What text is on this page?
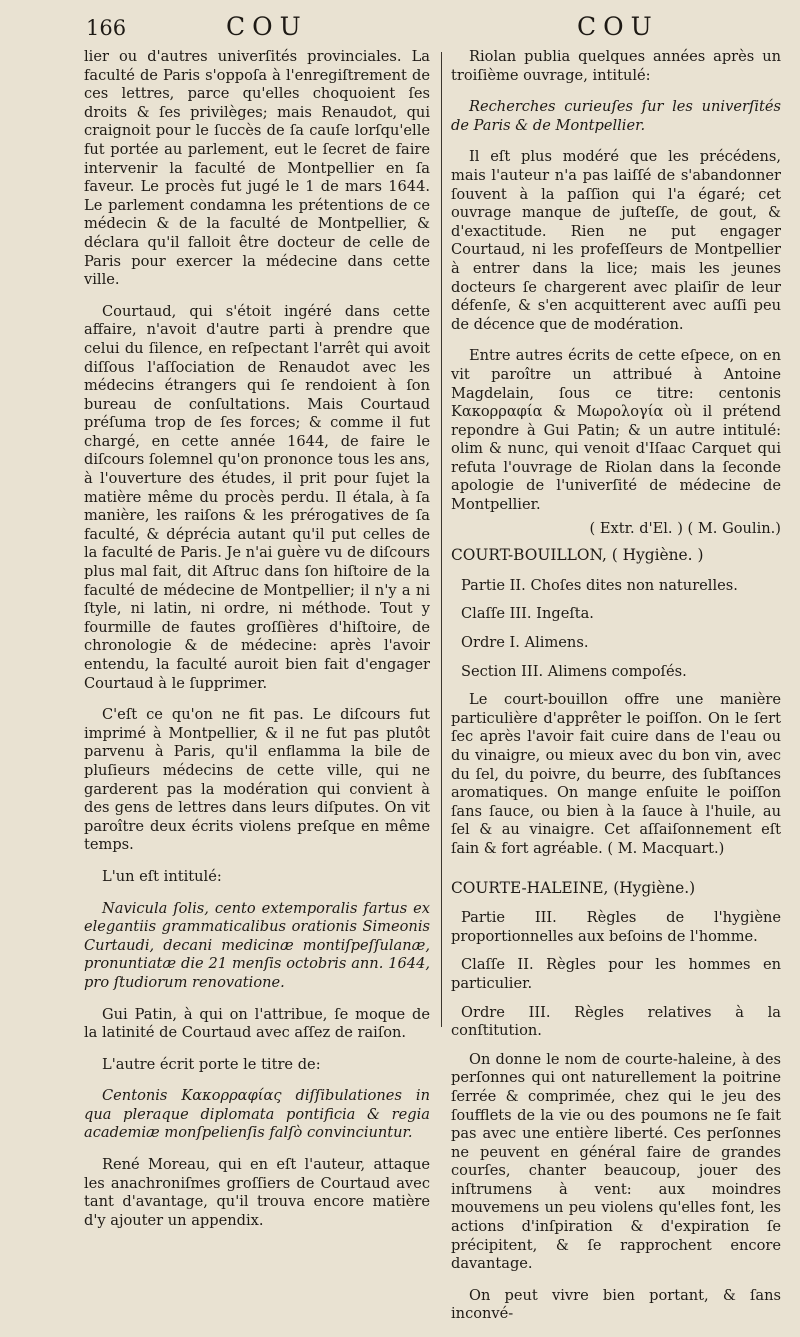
166	COU	COU

lier ou d'autres univerſités provinciales. La faculté de Paris s'oppoſa à l'enregiſtrement de ces lettres, parce qu'elles choquoient ſes droits & ſes privilèges; mais Renaudot, qui craignoit pour le ſuccès de ſa cauſe lorſqu'elle fut portée au parlement, eut le ſecret de faire intervenir la faculté de Montpellier en ſa faveur. Le procès fut jugé le 1 de mars 1644. Le parlement condamna les prétentions de ce médecin & de la faculté de Montpellier, & déclara qu'il falloit être docteur de celle de Paris pour exercer la médecine dans cette ville.

Courtaud, qui s'étoit ingéré dans cette affaire, n'avoit d'autre parti à prendre que celui du ſilence, en reſpectant l'arrêt qui avoit diſſous l'aſſociation de Renaudot avec les médecins étrangers qui ſe rendoient à ſon bureau de conſultations. Mais Courtaud préſuma trop de ſes forces; & comme il fut chargé, en cette année 1644, de faire le diſcours ſolemnel qu'on prononce tous les ans, à l'ouverture des études, il prit pour ſujet la matière même du procès perdu. Il étala, à ſa manière, les raiſons & les prérogatives de ſa faculté, & déprécia autant qu'il put celles de la faculté de Paris. Je n'ai guère vu de diſcours plus mal fait, dit Aſtruc dans ſon hiſtoire de la faculté de médecine de Montpellier; il n'y a ni ſtyle, ni latin, ni ordre, ni méthode. Tout y fourmille de fautes groſſières d'hiſtoire, de chronologie & de médecine: après l'avoir entendu, la faculté auroit bien fait d'engager Courtaud à le ſupprimer.

C'eſt ce qu'on ne fit pas. Le diſcours fut imprimé à Montpellier, & il ne fut pas plutôt parvenu à Paris, qu'il enflamma la bile de pluſieurs médecins de cette ville, qui ne garderent pas la modération qui convient à des gens de lettres dans leurs diſputes. On vit paroître deux écrits violens preſque en même temps.

L'un eſt intitulé:

Navicula ſolis, cento extemporalis fartus ex elegantiis grammaticalibus orationis Simeonis Curtaudi, decani medicinæ montiſpeſſulanæ, pronuntiatæ die 21 menſis octobris ann. 1644, pro ſtudiorum renovatione.

Gui Patin, à qui on l'attribue, ſe moque de la latinité de Courtaud avec aſſez de raiſon.

L'autre écrit porte le titre de:

Centonis Κακορραφίας diſſibulationes in qua pleraque diplomata pontificia & regia academiæ monſpelienſis falſò convinciuntur.

René Moreau, qui en eſt l'auteur, attaque les anachroniſmes groſſiers de Courtaud avec tant d'avantage, qu'il trouva encore matière d'y ajouter un appendix.

Riolan publia quelques années après un troiſième ouvrage, intitulé:

Recherches curieuſes ſur les univerſités de Paris & de Montpellier.

Il eſt plus modéré que les précédens, mais l'auteur n'a pas laiſſé de s'abandonner ſouvent à la paſſion qui l'a égaré; cet ouvrage manque de juſteſſe, de gout, & d'exactitude. Rien ne put engager Courtaud, ni les profeſſeurs de Montpellier à entrer dans la lice; mais les jeunes docteurs ſe chargerent avec plaiſir de leur défenſe, & s'en acquitterent avec auſſi peu de décence que de modération.

Entre autres écrits de cette eſpece, on en vit paroître un attribué à Antoine Magdelain, ſous ce titre: centonis Κακορραφία & Μωρολογία où il prétend repondre à Gui Patin; & un autre intitulé: olim & nunc, qui venoit d'Iſaac Carquet qui refuta l'ouvrage de Riolan dans la ſeconde apologie de l'univerſité de médecine de Montpellier.

( Extr. d'El. ) ( M. Goulin.)

COURT-BOUILLON, ( Hygiène. )

Partie II. Choſes dites non naturelles.

Claſſe III. Ingeſta.

Ordre I. Alimens.

Section III. Alimens compoſés.

Le court-bouillon offre une manière particulière d'apprêter le poiſſon. On le ſert ſec après l'avoir fait cuire dans de l'eau ou du vinaigre, ou mieux avec du bon vin, avec du ſel, du poivre, du beurre, des ſubſtances aromatiques. On mange enſuite le poiſſon ſans ſauce, ou bien à la ſauce à l'huile, au ſel & au vinaigre. Cet aſſaiſonnement eſt ſain & fort agréable. ( M. Macquart.)

COURTE-HALEINE, (Hygiène.)

Partie III. Règles de l'hygiène proportionnelles aux beſoins de l'homme.

Claſſe II. Règles pour les hommes en particulier.

Ordre III. Règles relatives à la conſtitution.

On donne le nom de courte-haleine, à des perſonnes qui ont naturellement la poitrine ſerrée & comprimée, chez qui le jeu des ſoufflets de la vie ou des poumons ne ſe fait pas avec une entière liberté. Ces perſonnes ne peuvent en général faire de grandes courſes, chanter beaucoup, jouer des inſtrumens à vent: aux moindres mouvemens un peu violens qu'elles font, les actions d'inſpiration & d'expiration ſe précipitent, & ſe rapprochent encore davantage.

On peut vivre bien portant, & ſans inconvé-
